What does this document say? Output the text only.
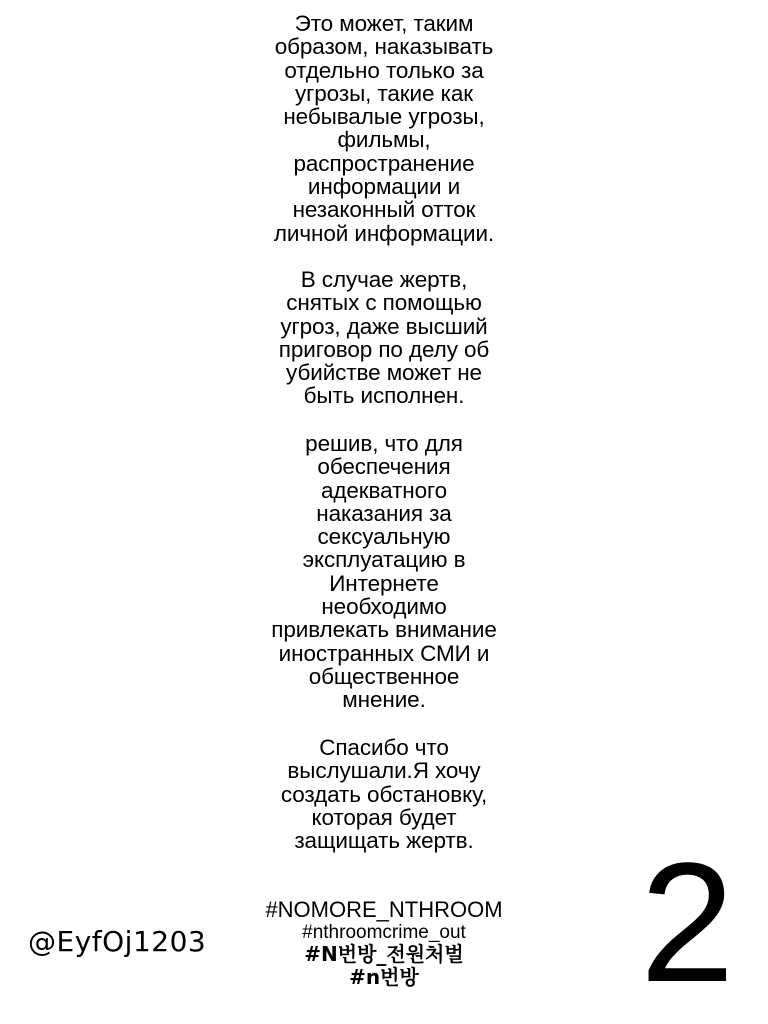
Это может, таким
образом, наказывать
отдельно только за
угрозы, такие как
небывалые угрозы,
фильмы,
распространение
информации и
незаконный отток
личной информации.
В случае жертв,
снятых с помощью
угроз, даже высший
приговор по делу об
убийстве может не
быть исполнен.
решив, что для
обеспечения
адекватного
наказания за
сексуальную
эксплуатацию в
Интернете
необходимо
привлекать внимание
иностранных СМИ и
общественное
мнение.
Спасибо что
выслушали.Я хочу
создать обстановку,
которая будет
защищать жертв.
#NOMORE_NTHROOM
#nthroomcrime_out
#N번방_전원처벌
#n번방
@EyfOj1203	2
